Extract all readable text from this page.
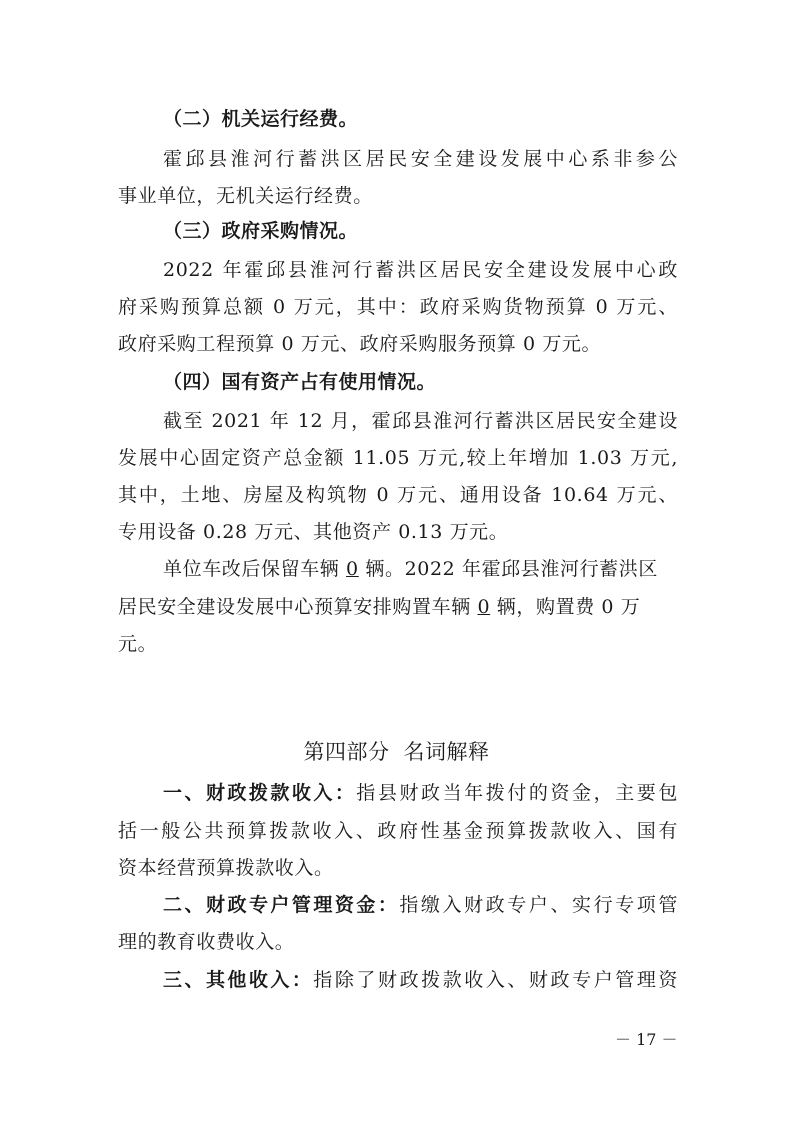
（二）机关运行经费。
霍邱县淮河行蓄洪区居民安全建设发展中心系非参公
事业单位，无机关运行经费。
（三）政府采购情况。
2022 年霍邱县淮河行蓄洪区居民安全建设发展中心政
府采购预算总额 0 万元，其中：政府采购货物预算 0 万元、
政府采购工程预算 0 万元、政府采购服务预算 0 万元。
（四）国有资产占有使用情况。
截至 2021 年 12 月，霍邱县淮河行蓄洪区居民安全建设
发展中心固定资产总金额 11.05 万元,较上年增加 1.03 万元,
其中，土地、房屋及构筑物 0 万元、通用设备 10.64 万元、
专用设备 0.28 万元、其他资产 0.13 万元。
单位车改后保留车辆 0 辆。2022 年霍邱县淮河行蓄洪区
居民安全建设发展中心预算安排购置车辆 0 辆，购置费 0 万
元。
第四部分 名词解释
一、财政拨款收入：指县财政当年拨付的资金，主要包
括一般公共预算拨款收入、政府性基金预算拨款收入、国有
资本经营预算拨款收入。
二、财政专户管理资金：指缴入财政专户、实行专项管
理的教育收费收入。
三、其他收入：指除了财政拨款收入、财政专户管理资
－ 17 －
